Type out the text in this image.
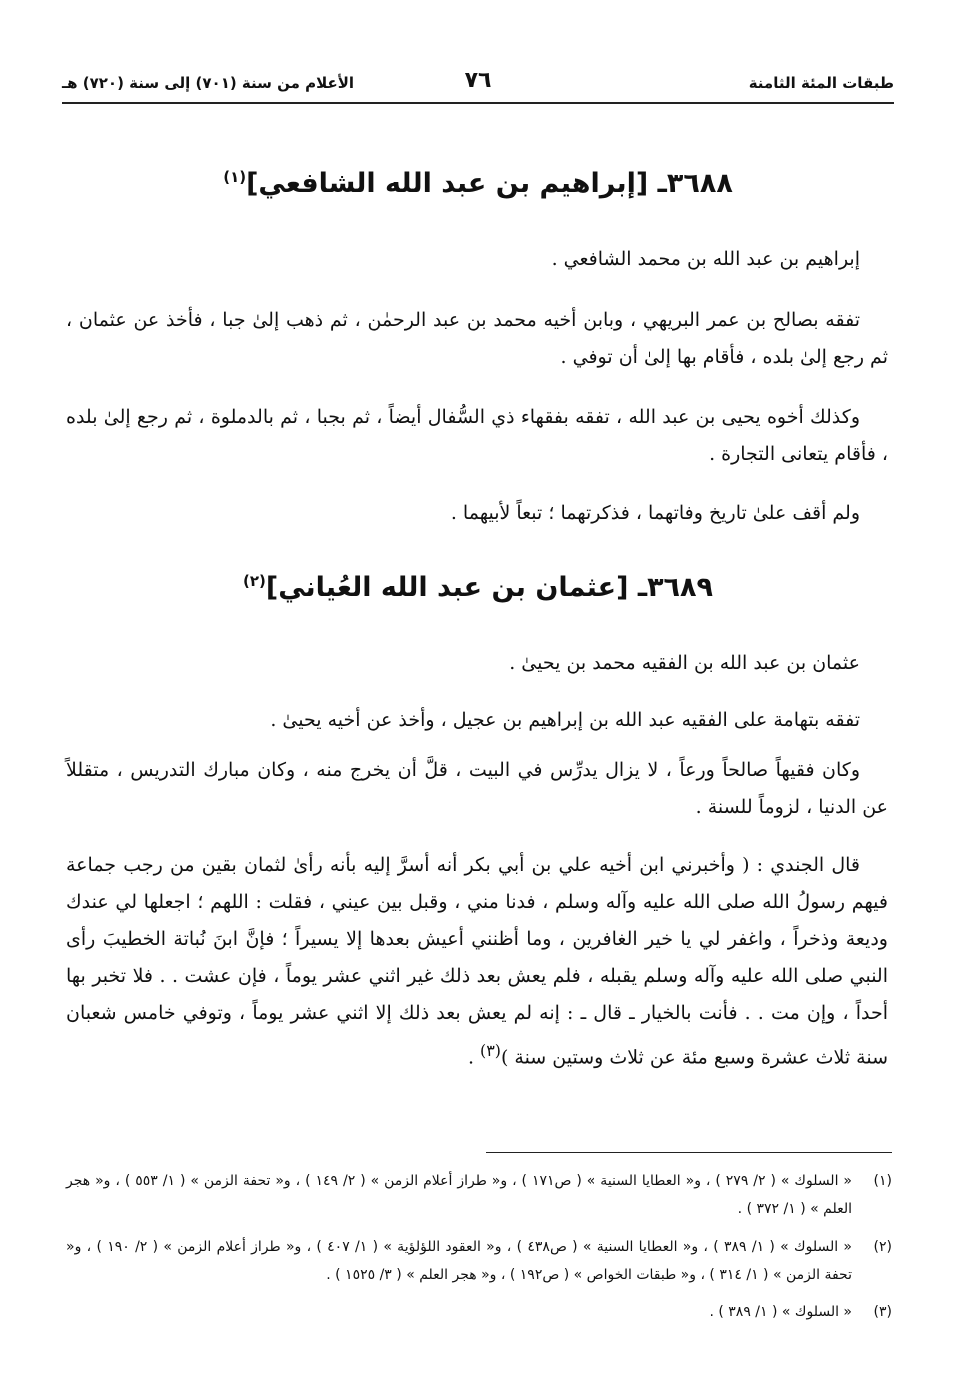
طبقات المئة الثامنة
٧٦
الأعلام من سنة (٧٠١) إلى سنة (٧٢٠) هـ
٣٦٨٨ـ [إبراهيم بن عبد الله الشافعي]$^{(١)}$

إبراهيم بن عبد الله بن محمد الشافعي .

تفقه بصالح بن عمر البريهي ، وبابن أخيه محمد بن عبد الرحمٰن ، ثم ذهب إلىٰ جبا ، فأخذ عن عثمان ، ثم رجع إلىٰ بلده ، فأقام بها إلىٰ أن توفي .

وكذلك أخوه يحيى بن عبد الله ، تفقه بفقهاء ذي السُّفال أيضاً ، ثم بجبا ، ثم بالدملوة ، ثم رجع إلىٰ بلده ، فأقام يتعانى التجارة .

ولم أقف علىٰ تاريخ وفاتهما ، فذكرتهما ؛ تبعاً لأبيهما .

٣٦٨٩ـ [عثمان بن عبد الله العُياني]$^{(٢)}$

عثمان بن عبد الله بن الفقيه محمد بن يحيىٰ .

تفقه بتهامة على الفقيه عبد الله بن إبراهيم بن عجيل ، وأخذ عن أخيه يحيىٰ .

وكان فقيهاً صالحاً ورعاً ، لا يزال يدرِّس في البيت ، قلَّ أن يخرج منه ، وكان مبارك التدريس ، متقللاً عن الدنيا ، لزوماً للسنة .

قال الجندي : ( وأخبرني ابن أخيه علي بن أبي بكر أنه أسرَّ إليه بأنه رأىٰ لثمان بقين من رجب جماعة فيهم رسولُ الله صلى الله عليه وآله وسلم ، فدنا مني ، وقبل بين عيني ، فقلت : اللهم ؛ اجعلها لي عندك وديعة وذخراً ، واغفر لي يا خير الغافرين ، وما أظنني أعيش بعدها إلا يسيراً ؛ فإنَّ ابنَ نُباتة الخطيبَ رأى النبي صلى الله عليه وآله وسلم يقبله ، فلم يعش بعد ذلك غير اثني عشر يوماً ، فإن عشت . . فلا تخبر بها أحداً ، وإن مت . . فأنت بالخيار ـ قال ـ : إنه لم يعش بعد ذلك إلا اثني عشر يوماً ، وتوفي خامس شعبان سنة ثلاث عشرة وسبع مئة عن ثلاث وستين سنة )$^{(٣)}$ .

(١)
« السلوك » ( ٢/ ٢٧٩ ) ، و« العطايا السنية » ( ص١٧١ ) ، و« طراز أعلام الزمن » ( ٢/ ١٤٩ ) ، و« تحفة الزمن » ( ١/ ٥٥٣ ) ، و« هجر العلم » ( ١/ ٣٧٢ ) .
(٢)
« السلوك » ( ١/ ٣٨٩ ) ، و« العطايا السنية » ( ص٤٣٨ ) ، و« العقود اللؤلؤية » ( ١/ ٤٠٧ ) ، و« طراز أعلام الزمن » ( ٢/ ١٩٠ ) ، و« تحفة الزمن » ( ١/ ٣١٤ ) ، و« طبقات الخواص » ( ص١٩٢ ) ، و« هجر العلم » ( ٣/ ١٥٢٥ ) .
(٣)
« السلوك » ( ١/ ٣٨٩ ) .
